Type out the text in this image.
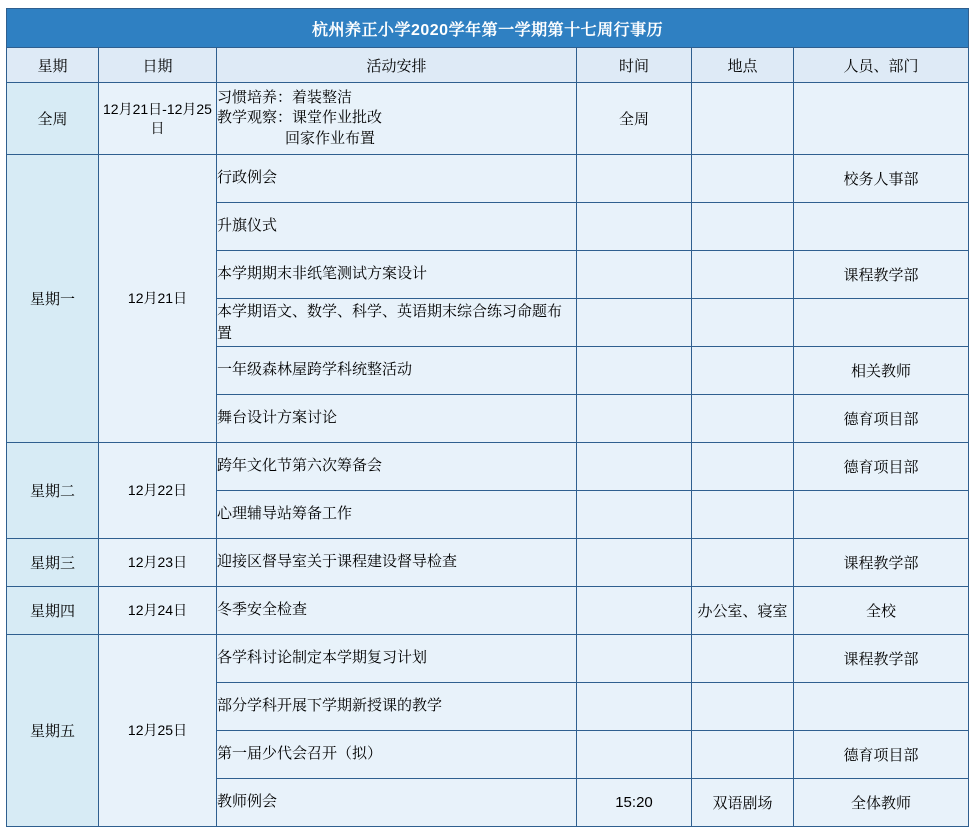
杭州养正小学2020学年第一学期第十七周行事历					
星期	日期	活动安排	时间	地点	人员、部门
全周	12月21日-12月25日	习惯培养：着装整洁
教学观察：课堂作业批改
回家作业布置	全周		
星期一	12月21日	行政例会			校务人事部
		升旗仪式			
		本学期期末非纸笔测试方案设计			课程教学部
		本学期语文、数学、科学、英语期末综合练习命题布置			
		一年级森林屋跨学科统整活动			相关教师
		舞台设计方案讨论			德育项目部
星期二	12月22日	跨年文化节第六次筹备会			德育项目部
		心理辅导站筹备工作			
星期三	12月23日	迎接区督导室关于课程建设督导检查			课程教学部
星期四	12月24日	冬季安全检查		办公室、寝室	全校
星期五	12月25日	各学科讨论制定本学期复习计划			课程教学部
		部分学科开展下学期新授课的教学			
		第一届少代会召开（拟）			德育项目部
		教师例会	15:20	双语剧场	全体教师
